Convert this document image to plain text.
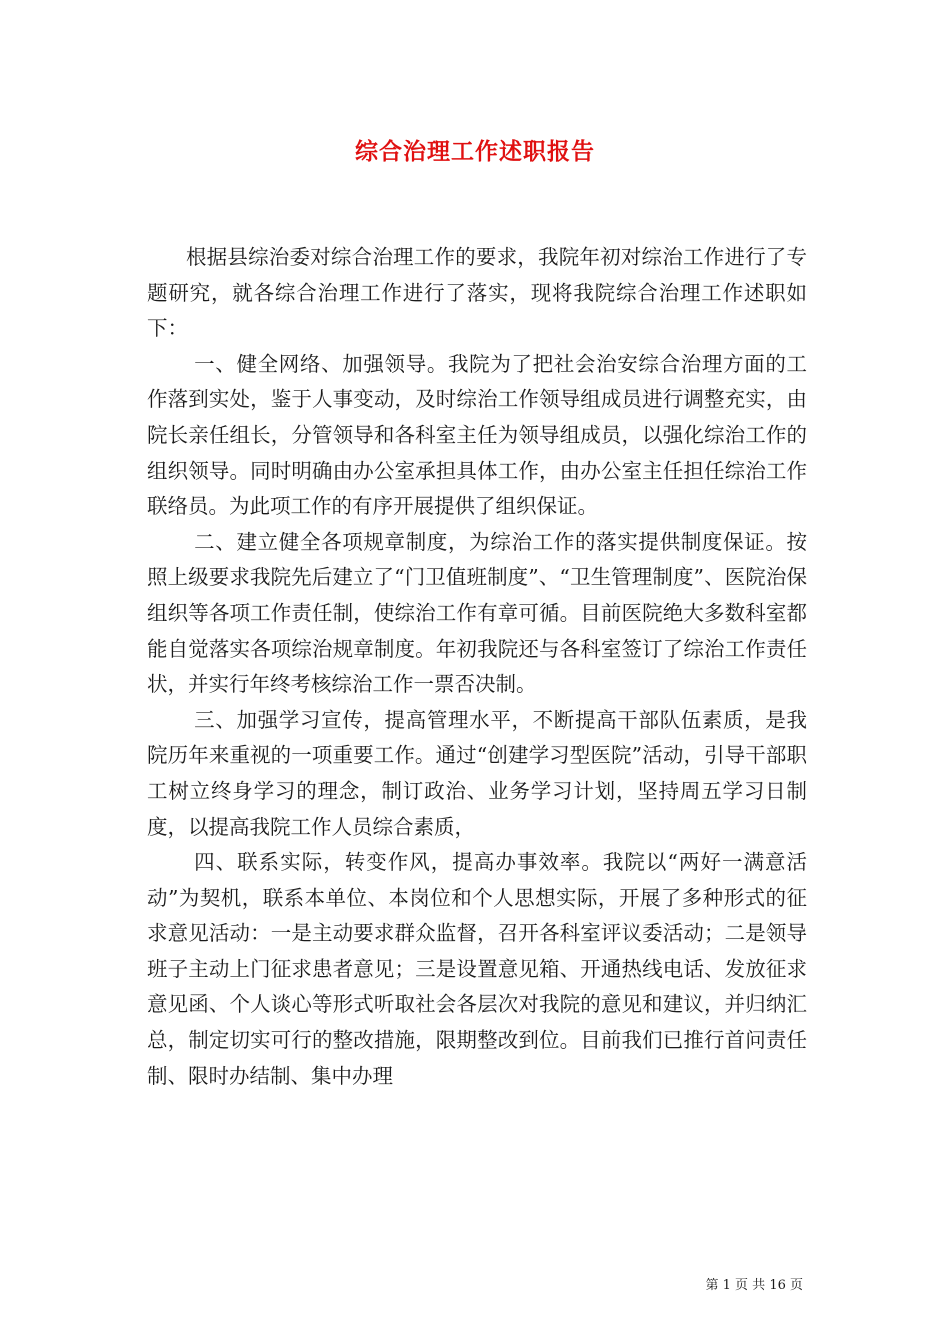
综合治理工作述职报告

根据县综治委对综合治理工作的要求，我院年初对综治工作进行了专题研究，就各综合治理工作进行了落实，现将我院综合治理工作述职如下：

一、健全网络、加强领导。我院为了把社会治安综合治理方面的工作落到实处，鉴于人事变动，及时综治工作领导组成员进行调整充实，由院长亲任组长，分管领导和各科室主任为领导组成员，以强化综治工作的组织领导。同时明确由办公室承担具体工作，由办公室主任担任综治工作联络员。为此项工作的有序开展提供了组织保证。

二、建立健全各项规章制度，为综治工作的落实提供制度保证。按照上级要求我院先后建立了“门卫值班制度”、“卫生管理制度”、医院治保组织等各项工作责任制，使综治工作有章可循。目前医院绝大多数科室都能自觉落实各项综治规章制度。年初我院还与各科室签订了综治工作责任状，并实行年终考核综治工作一票否决制。

三、加强学习宣传，提高管理水平，不断提高干部队伍素质，是我院历年来重视的一项重要工作。通过“创建学习型医院”活动，引导干部职工树立终身学习的理念，制订政治、业务学习计划，坚持周五学习日制度，以提高我院工作人员综合素质，

四、联系实际，转变作风，提高办事效率。我院以“两好一满意活动”为契机，联系本单位、本岗位和个人思想实际，开展了多种形式的征求意见活动：一是主动要求群众监督，召开各科室评议委活动；二是领导班子主动上门征求患者意见；三是设置意见箱、开通热线电话、发放征求意见函、个人谈心等形式听取社会各层次对我院的意见和建议，并归纳汇总，制定切实可行的整改措施，限期整改到位。目前我们已推行首问责任制、限时办结制、集中办理

第 1 页 共 16 页
